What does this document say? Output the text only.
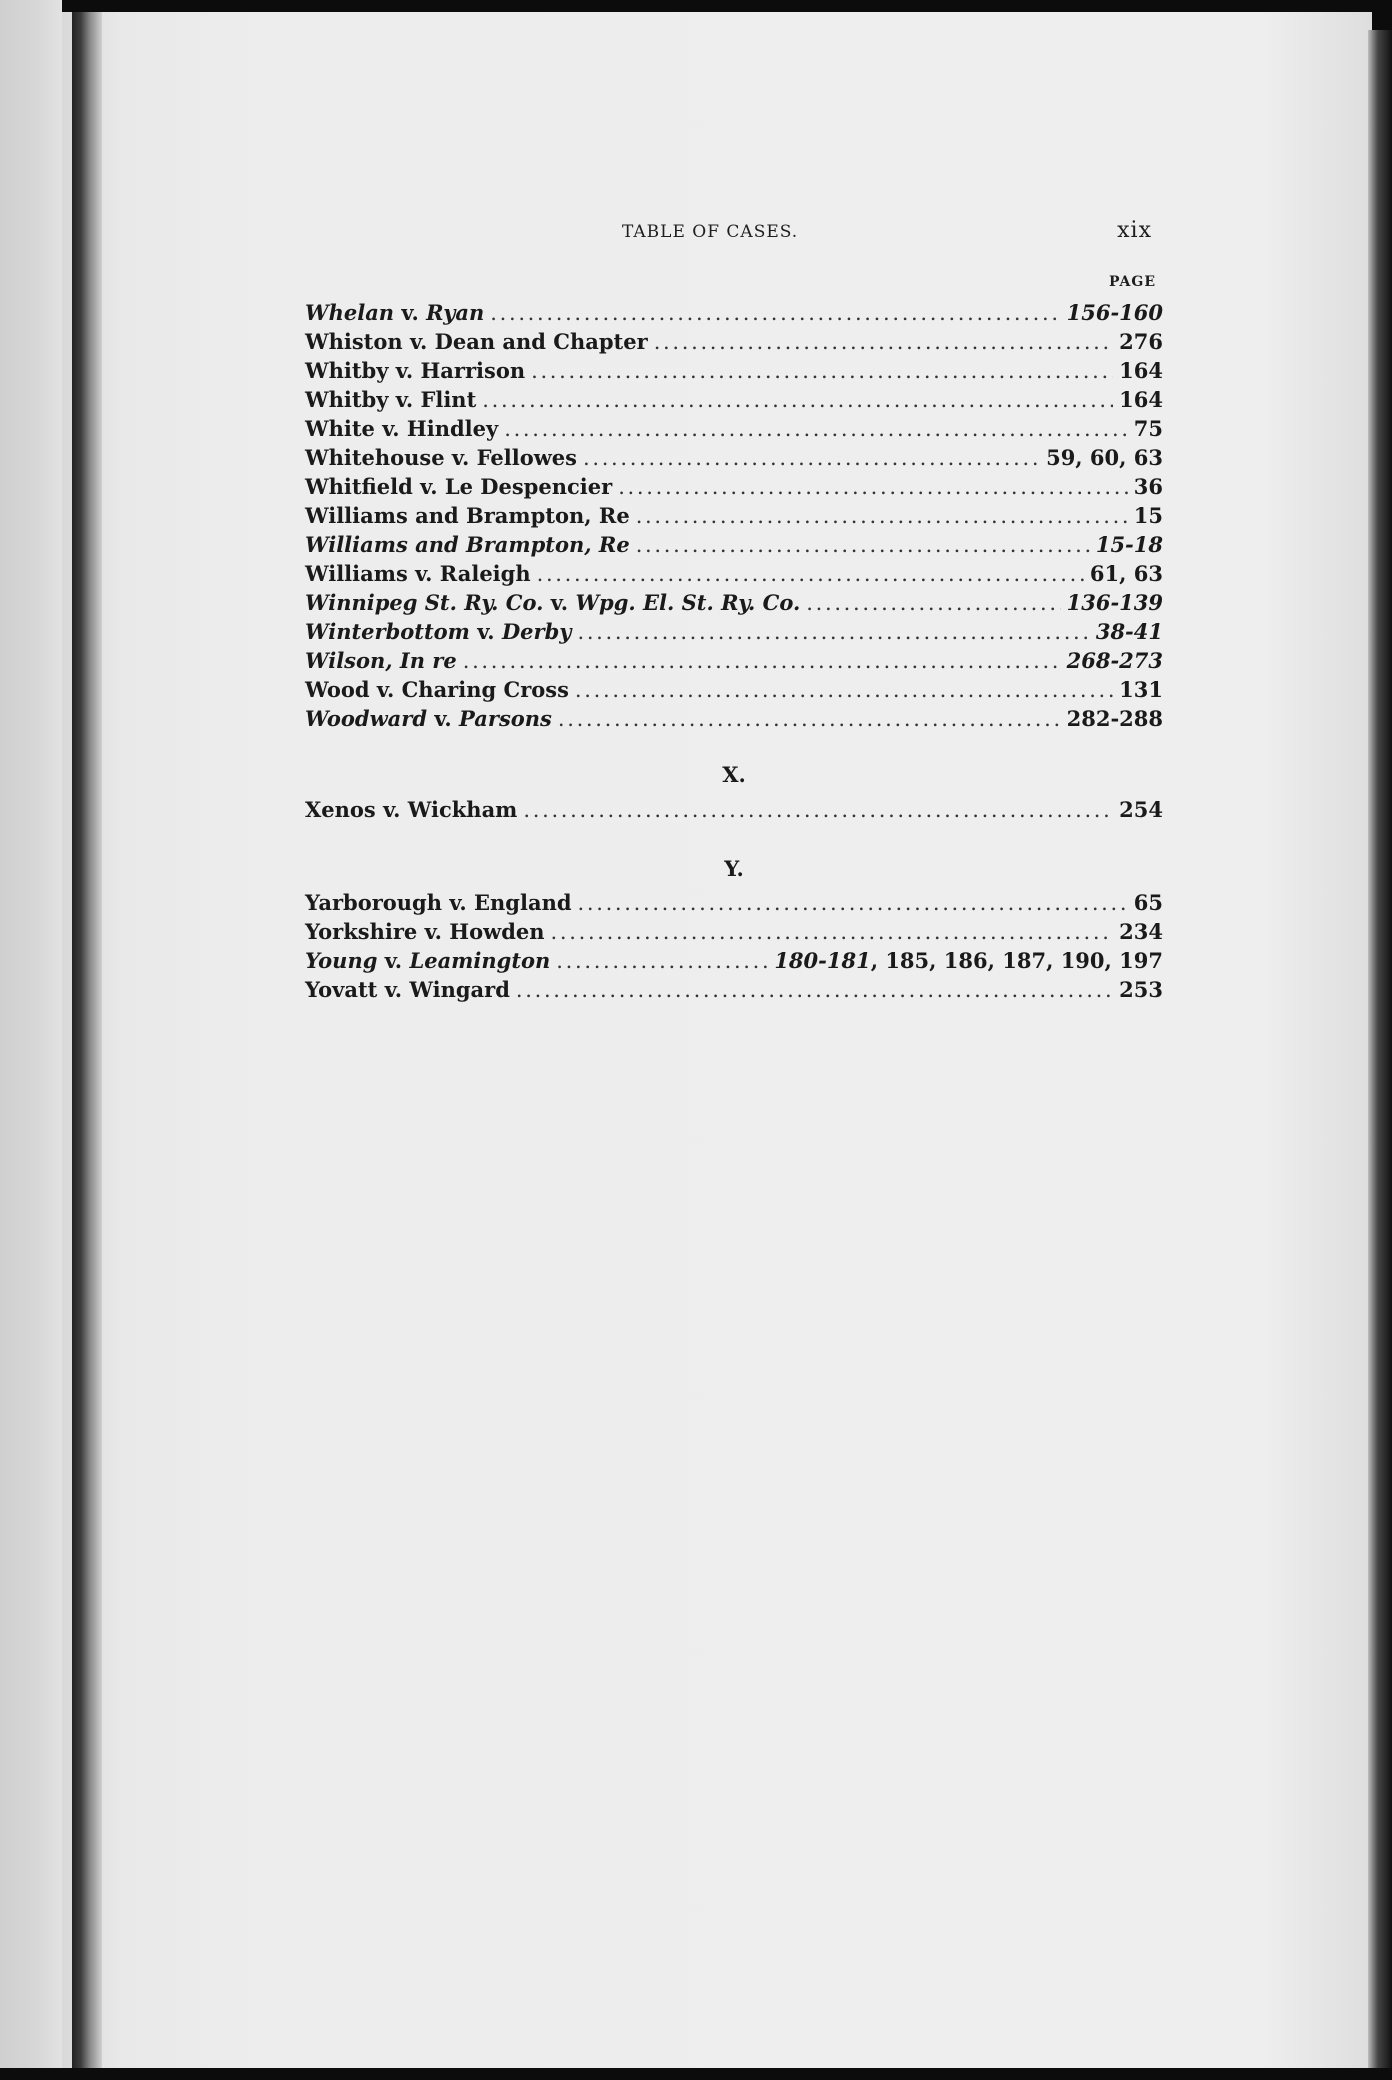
TABLE OF CASES.	xix
PAGE
Whelan v. Ryan . . .	156-160
Whiston v. Dean and Chapter . . .	276
Whitby v. Harrison . . .	164
Whitby v. Flint . . .	164
White v. Hindley . . .	75
Whitehouse v. Fellowes . . .	59, 60, 63
Whitfield v. Le Despencier . . .	36
Williams and Brampton, Re . . .	15
Williams and Brampton, Re . . .	15-18
Williams v. Raleigh . . .	61, 63
Winnipeg St. Ry. Co. v. Wpg. El. St. Ry. Co. . . .	136-139
Winterbottom v. Derby . . .	38-41
Wilson, In re . . .	268-273
Wood v. Charing Cross . . .	131
Woodward v. Parsons . . .	282-288
X.
Xenos v. Wickham . . .	254
Y.
Yarborough v. England . . .	65
Yorkshire v. Howden . . .	234
Young v. Leamington . . .	180-181, 185, 186, 187, 190, 197
Yovatt v. Wingard . . .	253
